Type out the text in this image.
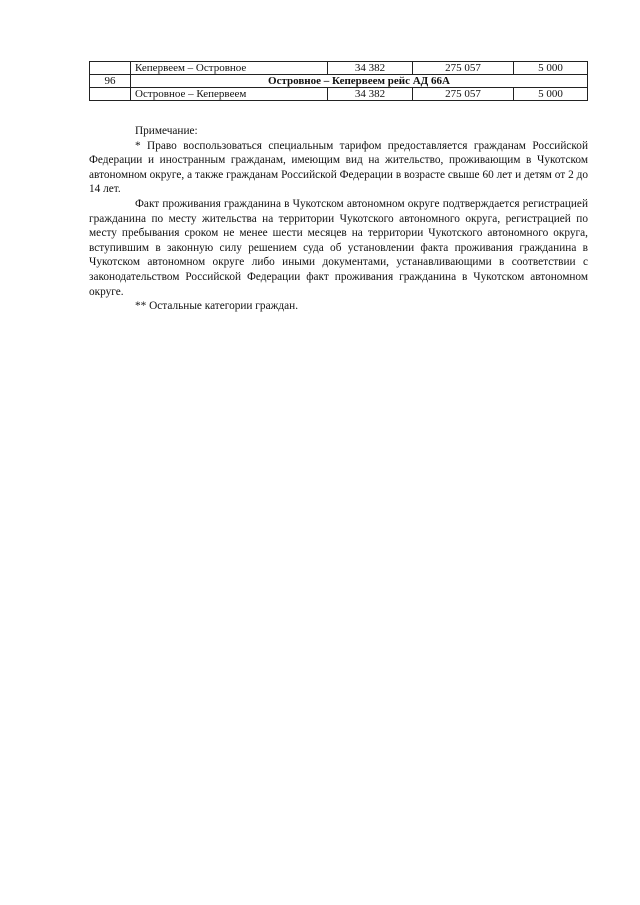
	Кепервеем – Островное	34 382	275 057	5 000
96	Островное – Кепервеем рейс АД 66А			
	Островное – Кепервеем	34 382	275 057	5 000

Примечание:

* Право воспользоваться специальным тарифом предоставляется гражданам Российской Федерации и иностранным гражданам, имеющим вид на жительство, проживающим в Чукотском автономном округе, а также гражданам Российской Федерации в возрасте свыше 60 лет и детям от 2 до 14 лет.

Факт проживания гражданина в Чукотском автономном округе подтверждается регистрацией гражданина по месту жительства на территории Чукотского автономного округа, регистрацией по месту пребывания сроком не менее шести месяцев на территории Чукотского автономного округа, вступившим в законную силу решением суда об установлении факта проживания гражданина в Чукотском автономном округе либо иными документами, устанавливающими в соответствии с законодательством Российской Федерации факт проживания гражданина в Чукотском автономном округе.

** Остальные категории граждан.
